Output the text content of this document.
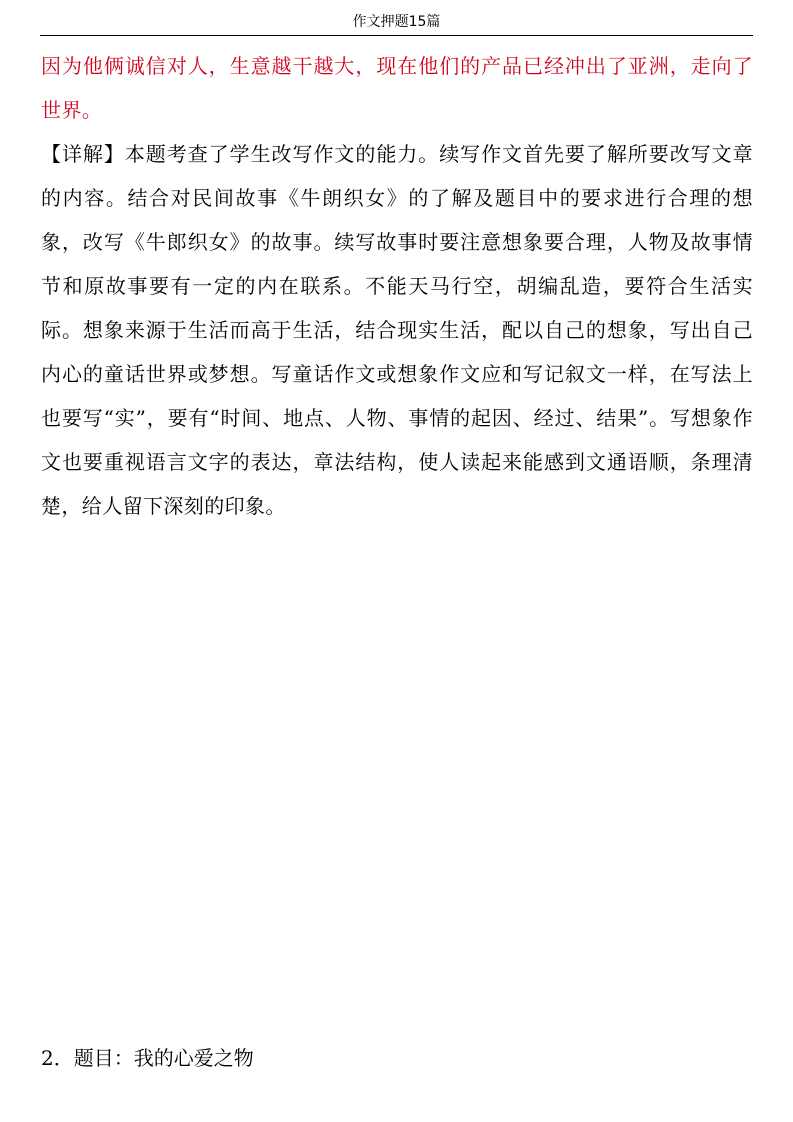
作文押题15篇

因为他俩诚信对人，生意越干越大，现在他们的产品已经冲出了亚洲，走向了世界。

【详解】本题考查了学生改写作文的能力。续写作文首先要了解所要改写文章的内容。结合对民间故事《牛朗织女》的了解及题目中的要求进行合理的想象，改写《牛郎织女》的故事。续写故事时要注意想象要合理，人物及故事情节和原故事要有一定的内在联系。不能天马行空，胡编乱造，要符合生活实际。想象来源于生活而高于生活，结合现实生活，配以自己的想象，写出自己内心的童话世界或梦想。写童话作文或想象作文应和写记叙文一样，在写法上也要写“实”，要有“时间、地点、人物、事情的起因、经过、结果”。写想象作文也要重视语言文字的表达，章法结构，使人读起来能感到文通语顺，条理清楚，给人留下深刻的印象。

2．题目：我的心爱之物
